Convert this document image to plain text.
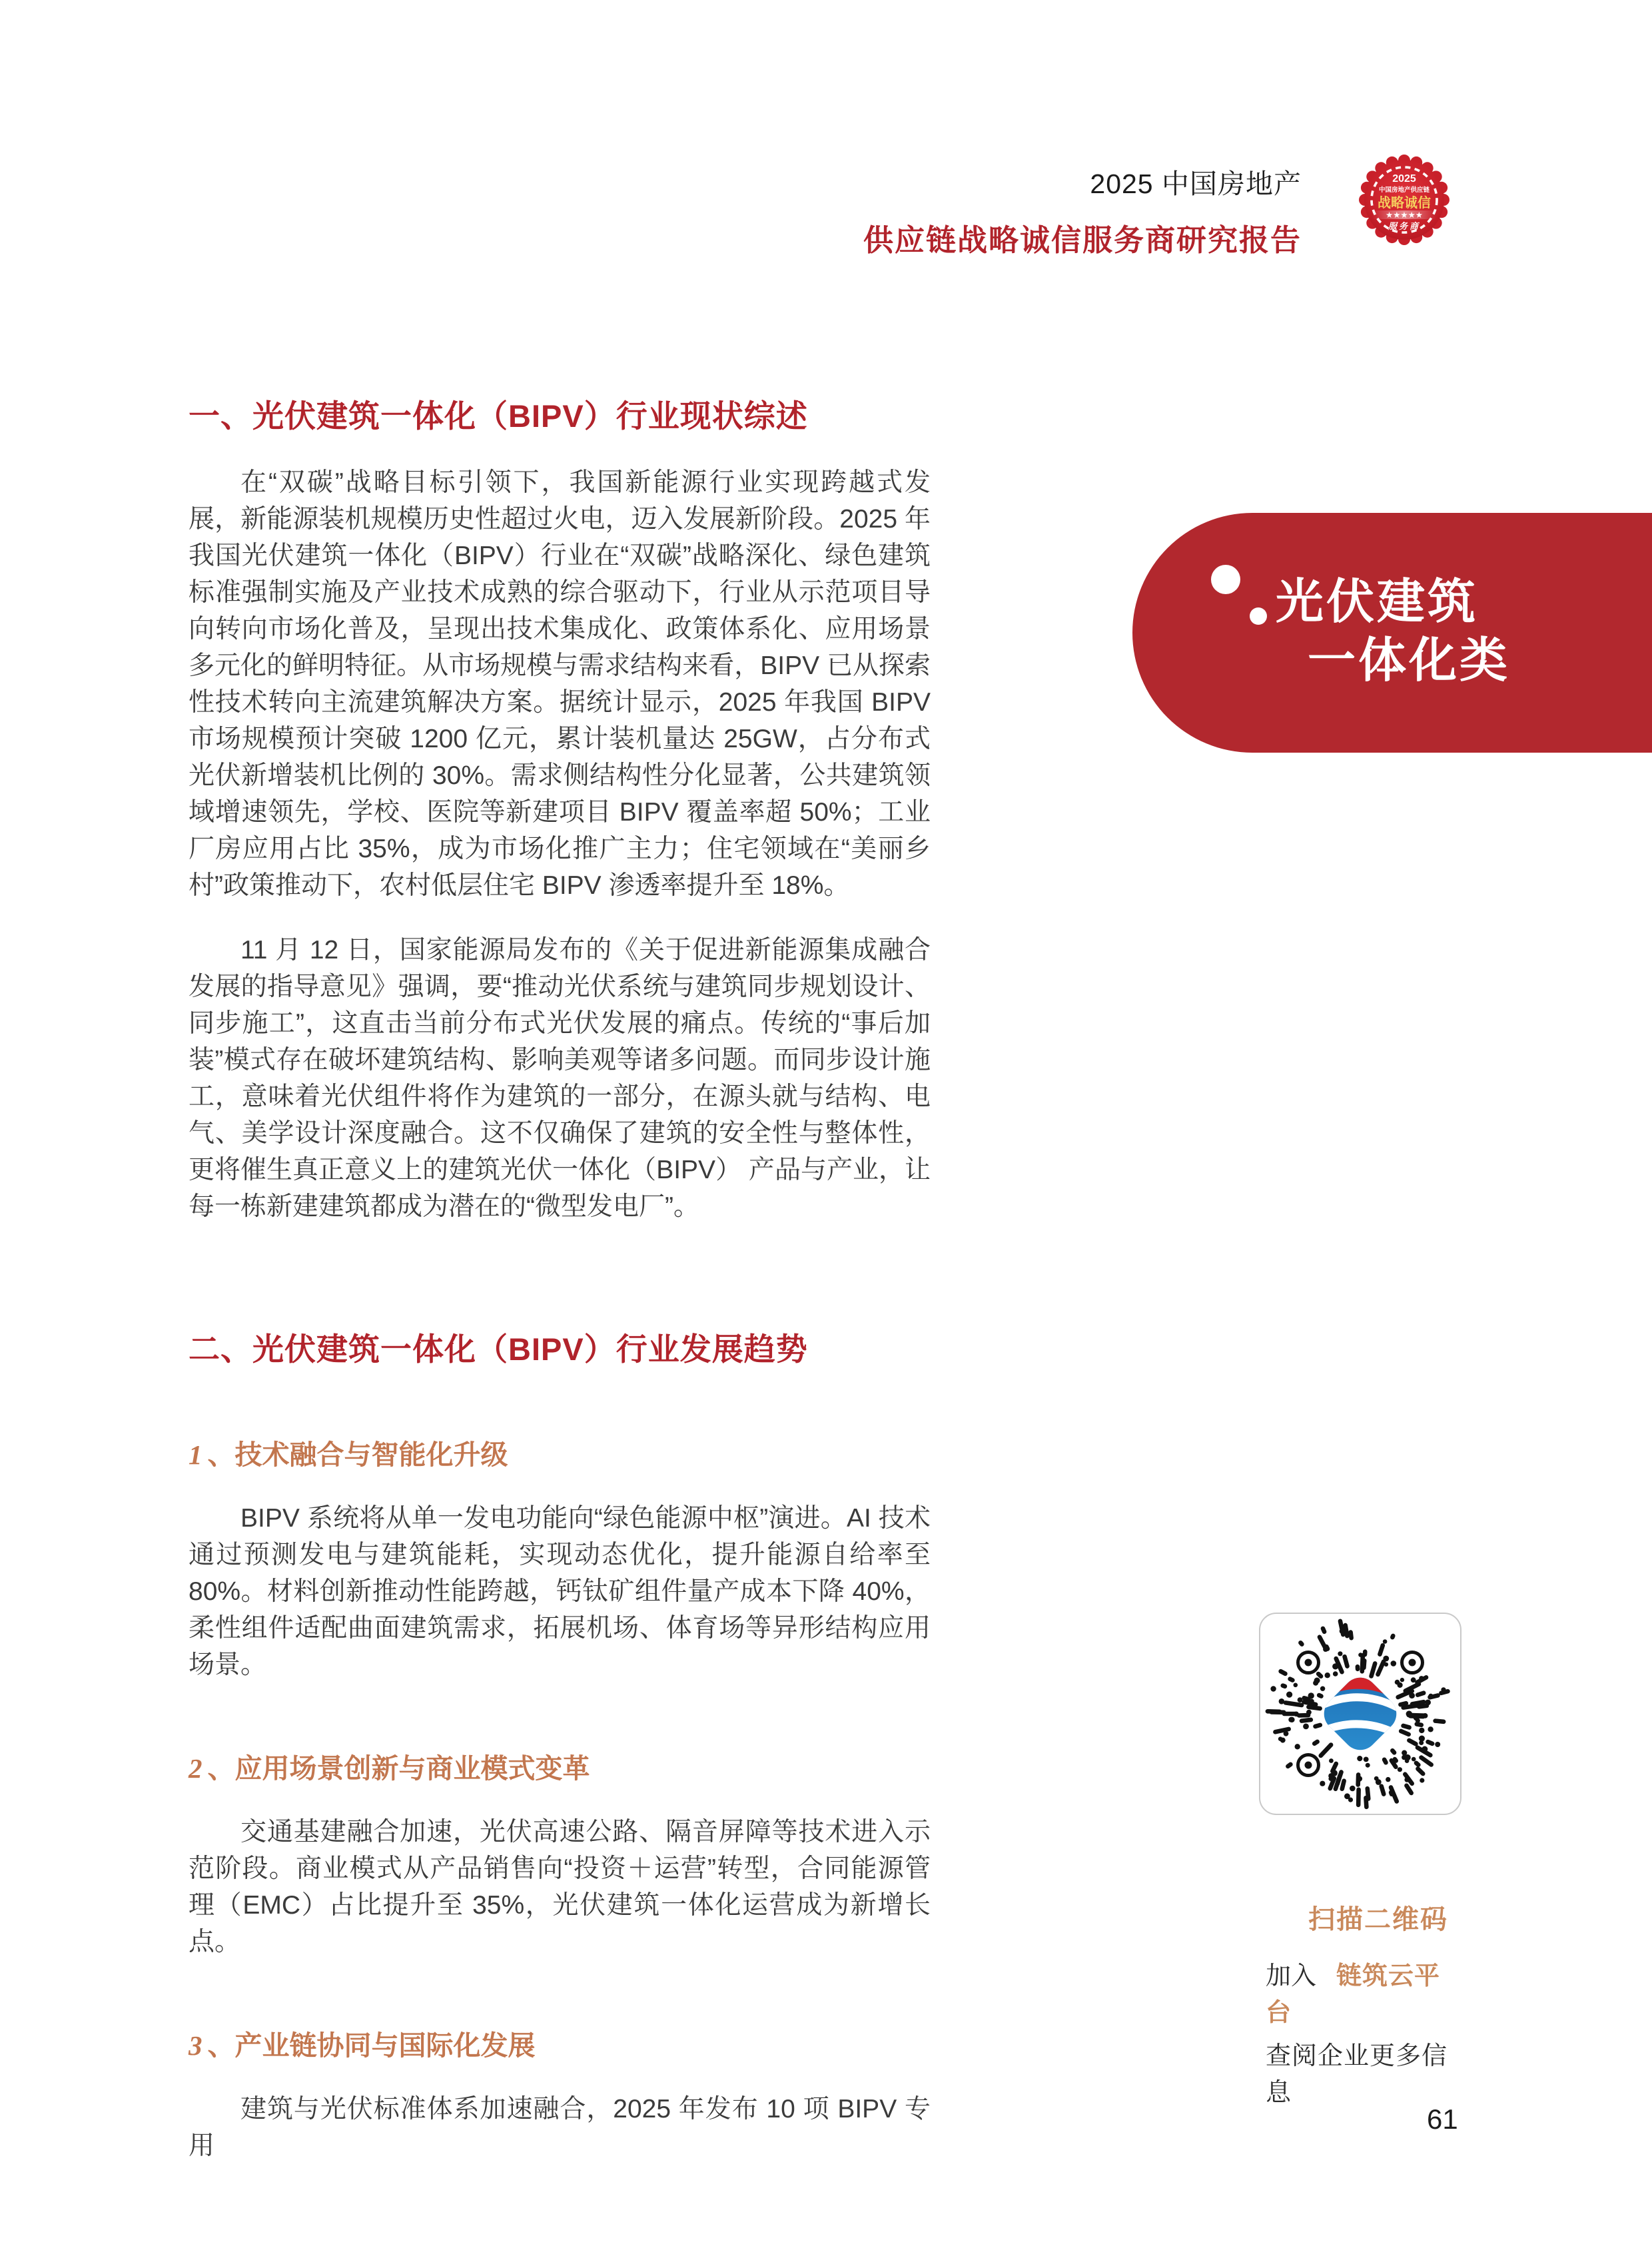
2025 中国房地产
供应链战略诚信服务商研究报告
2025
中国房地产供应链
战略诚信
★★★★★
服务商
光伏建筑
一体化类
一、光伏建筑一体化（BIPV）行业现状综述
在“双碳”战略目标引领下，我国新能源行业实现跨越式发展，新能源装机规模历史性超过火电，迈入发展新阶段。2025 年我国光伏建筑一体化（BIPV）行业在“双碳”战略深化、绿色建筑标准强制实施及产业技术成熟的综合驱动下，行业从示范项目导向转向市场化普及，呈现出技术集成化、政策体系化、应用场景多元化的鲜明特征。从市场规模与需求结构来看，BIPV 已从探索性技术转向主流建筑解决方案。据统计显示，2025 年我国 BIPV 市场规模预计突破 1200 亿元，累计装机量达 25GW，占分布式光伏新增装机比例的 30%。需求侧结构性分化显著，公共建筑领域增速领先，学校、医院等新建项目 BIPV 覆盖率超 50%；工业厂房应用占比 35%，成为市场化推广主力；住宅领域在“美丽乡村”政策推动下，农村低层住宅 BIPV 渗透率提升至 18%。
11 月 12 日，国家能源局发布的《关于促进新能源集成融合发展的指导意见》强调，要“推动光伏系统与建筑同步规划设计、同步施工”，这直击当前分布式光伏发展的痛点。传统的“事后加装”模式存在破坏建筑结构、影响美观等诸多问题。而同步设计施工，意味着光伏组件将作为建筑的一部分，在源头就与结构、电气、美学设计深度融合。这不仅确保了建筑的安全性与整体性，更将催生真正意义上的建筑光伏一体化（BIPV） 产品与产业，让每一栋新建建筑都成为潜在的“微型发电厂”。
二、光伏建筑一体化（BIPV）行业发展趋势
1 、技术融合与智能化升级
BIPV 系统将从单一发电功能向“绿色能源中枢”演进。AI 技术通过预测发电与建筑能耗，实现动态优化，提升能源自给率至 80%。材料创新推动性能跨越，钙钛矿组件量产成本下降 40%，柔性组件适配曲面建筑需求，拓展机场、体育场等异形结构应用场景。
2 、应用场景创新与商业模式变革
交通基建融合加速，光伏高速公路、隔音屏障等技术进入示范阶段。商业模式从产品销售向“投资＋运营”转型，合同能源管理（EMC）占比提升至 35%，光伏建筑一体化运营成为新增长点。
3 、产业链协同与国际化发展
建筑与光伏标准体系加速融合，2025 年发布 10 项 BIPV 专用
扫描二维码
加入 链筑云平台
查阅企业更多信息
61
